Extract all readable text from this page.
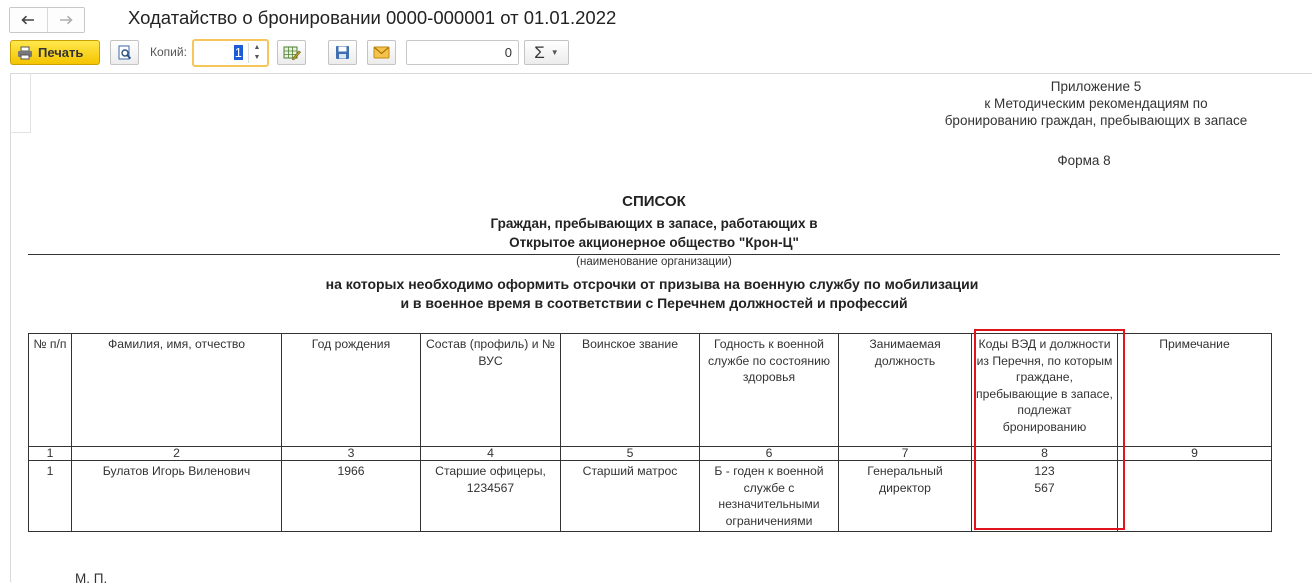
Ходатайство о бронировании 0000-000001 от 01.01.2022
Печать	Копий:	1	▲
▼	0	Σ ▼
Приложение 5
к Методическим рекомендациям по
бронированию граждан, пребывающих в запасе
Форма 8
СПИСОК
Граждан, пребывающих в запасе, работающих в
Открытое акционерное общество "Крон-Ц"
(наименование организации)
на которых необходимо оформить отсрочки от призыва на военную службу по мобилизации
и в военное время в соответствии с Перечнем должностей и профессий
№ п/п	Фамилия, имя, отчество	Год рождения	Состав (профиль) и № ВУС	Воинское звание	Годность к военной службе по состоянию здоровья	Занимаемая должность	Коды ВЭД и должности из Перечня, по которым граждане, пребывающие в запасе, подлежат бронированию	Примечание
1	2	3	4	5	6	7	8	9
1	Булатов Игорь Виленович	1966	Старшие офицеры, 1234567	Старший матрос	Б - годен к военной службе с незначительными ограничениями	Генеральный директор	123
567	

М. П.
